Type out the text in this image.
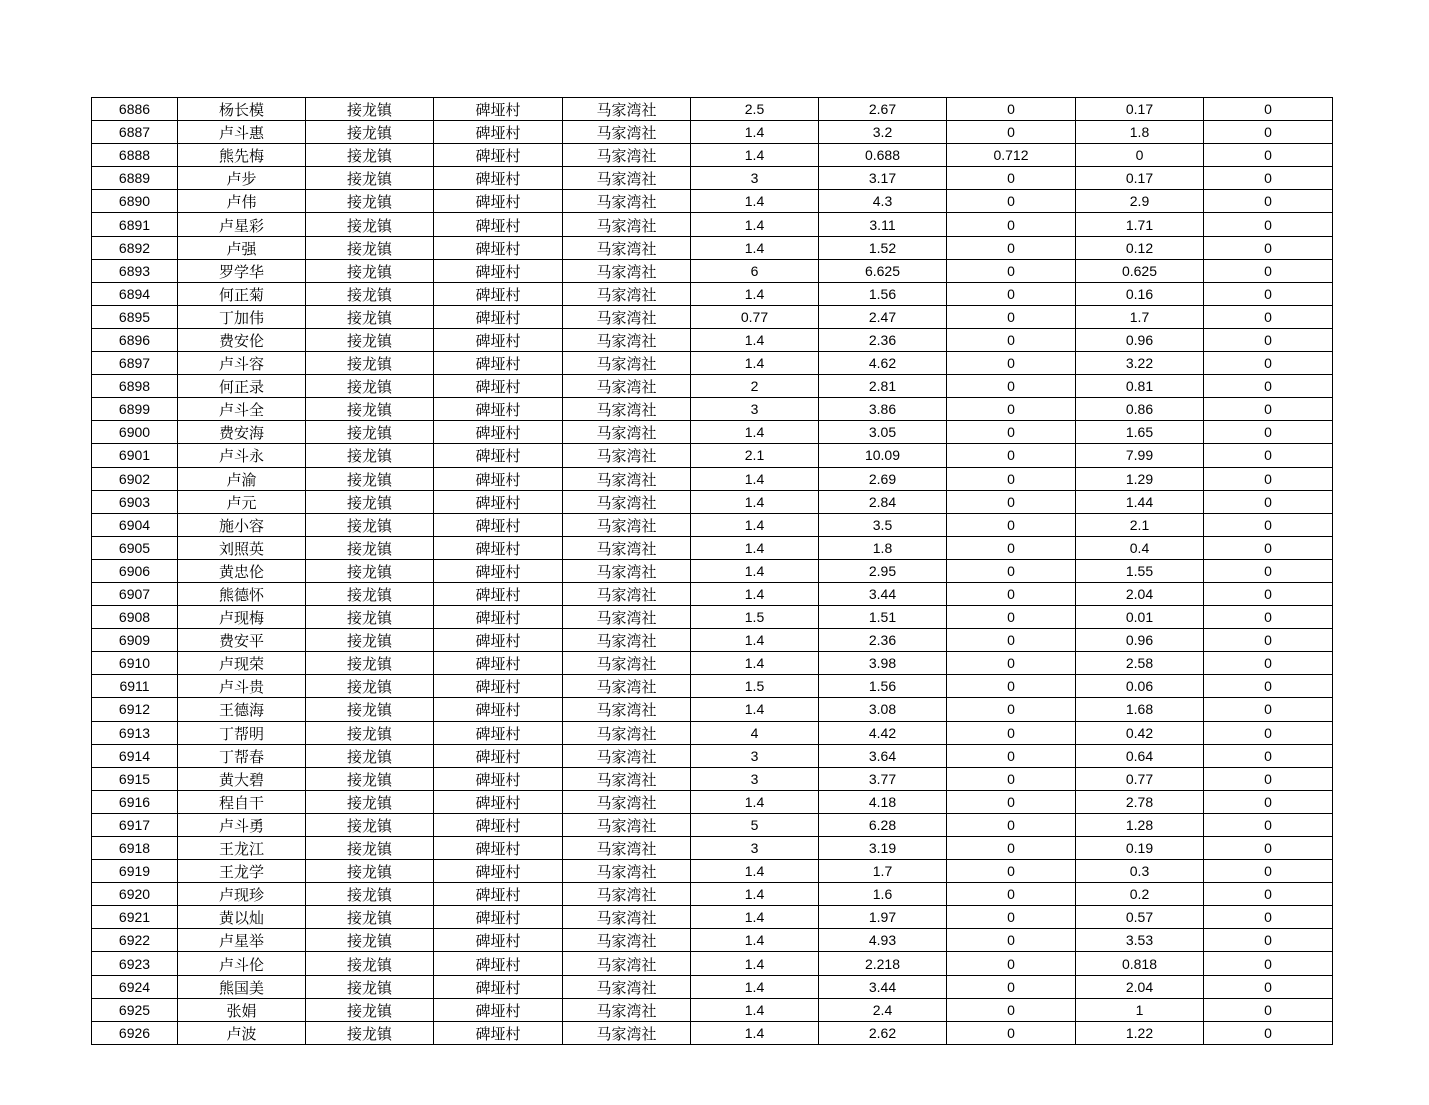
6886	杨长模	接龙镇	碑垭村	马家湾社	2.5	2.67	0	0.17	0
6887	卢斗惠	接龙镇	碑垭村	马家湾社	1.4	3.2	0	1.8	0
6888	熊先梅	接龙镇	碑垭村	马家湾社	1.4	0.688	0.712	0	0
6889	卢步	接龙镇	碑垭村	马家湾社	3	3.17	0	0.17	0
6890	卢伟	接龙镇	碑垭村	马家湾社	1.4	4.3	0	2.9	0
6891	卢星彩	接龙镇	碑垭村	马家湾社	1.4	3.11	0	1.71	0
6892	卢强	接龙镇	碑垭村	马家湾社	1.4	1.52	0	0.12	0
6893	罗学华	接龙镇	碑垭村	马家湾社	6	6.625	0	0.625	0
6894	何正菊	接龙镇	碑垭村	马家湾社	1.4	1.56	0	0.16	0
6895	丁加伟	接龙镇	碑垭村	马家湾社	0.77	2.47	0	1.7	0
6896	费安伦	接龙镇	碑垭村	马家湾社	1.4	2.36	0	0.96	0
6897	卢斗容	接龙镇	碑垭村	马家湾社	1.4	4.62	0	3.22	0
6898	何正录	接龙镇	碑垭村	马家湾社	2	2.81	0	0.81	0
6899	卢斗全	接龙镇	碑垭村	马家湾社	3	3.86	0	0.86	0
6900	费安海	接龙镇	碑垭村	马家湾社	1.4	3.05	0	1.65	0
6901	卢斗永	接龙镇	碑垭村	马家湾社	2.1	10.09	0	7.99	0
6902	卢渝	接龙镇	碑垭村	马家湾社	1.4	2.69	0	1.29	0
6903	卢元	接龙镇	碑垭村	马家湾社	1.4	2.84	0	1.44	0
6904	施小容	接龙镇	碑垭村	马家湾社	1.4	3.5	0	2.1	0
6905	刘照英	接龙镇	碑垭村	马家湾社	1.4	1.8	0	0.4	0
6906	黄忠伦	接龙镇	碑垭村	马家湾社	1.4	2.95	0	1.55	0
6907	熊德怀	接龙镇	碑垭村	马家湾社	1.4	3.44	0	2.04	0
6908	卢现梅	接龙镇	碑垭村	马家湾社	1.5	1.51	0	0.01	0
6909	费安平	接龙镇	碑垭村	马家湾社	1.4	2.36	0	0.96	0
6910	卢现荣	接龙镇	碑垭村	马家湾社	1.4	3.98	0	2.58	0
6911	卢斗贵	接龙镇	碑垭村	马家湾社	1.5	1.56	0	0.06	0
6912	王德海	接龙镇	碑垭村	马家湾社	1.4	3.08	0	1.68	0
6913	丁帮明	接龙镇	碑垭村	马家湾社	4	4.42	0	0.42	0
6914	丁帮春	接龙镇	碑垭村	马家湾社	3	3.64	0	0.64	0
6915	黄大碧	接龙镇	碑垭村	马家湾社	3	3.77	0	0.77	0
6916	程自干	接龙镇	碑垭村	马家湾社	1.4	4.18	0	2.78	0
6917	卢斗勇	接龙镇	碑垭村	马家湾社	5	6.28	0	1.28	0
6918	王龙江	接龙镇	碑垭村	马家湾社	3	3.19	0	0.19	0
6919	王龙学	接龙镇	碑垭村	马家湾社	1.4	1.7	0	0.3	0
6920	卢现珍	接龙镇	碑垭村	马家湾社	1.4	1.6	0	0.2	0
6921	黄以灿	接龙镇	碑垭村	马家湾社	1.4	1.97	0	0.57	0
6922	卢星举	接龙镇	碑垭村	马家湾社	1.4	4.93	0	3.53	0
6923	卢斗伦	接龙镇	碑垭村	马家湾社	1.4	2.218	0	0.818	0
6924	熊国美	接龙镇	碑垭村	马家湾社	1.4	3.44	0	2.04	0
6925	张娟	接龙镇	碑垭村	马家湾社	1.4	2.4	0	1	0
6926	卢波	接龙镇	碑垭村	马家湾社	1.4	2.62	0	1.22	0
